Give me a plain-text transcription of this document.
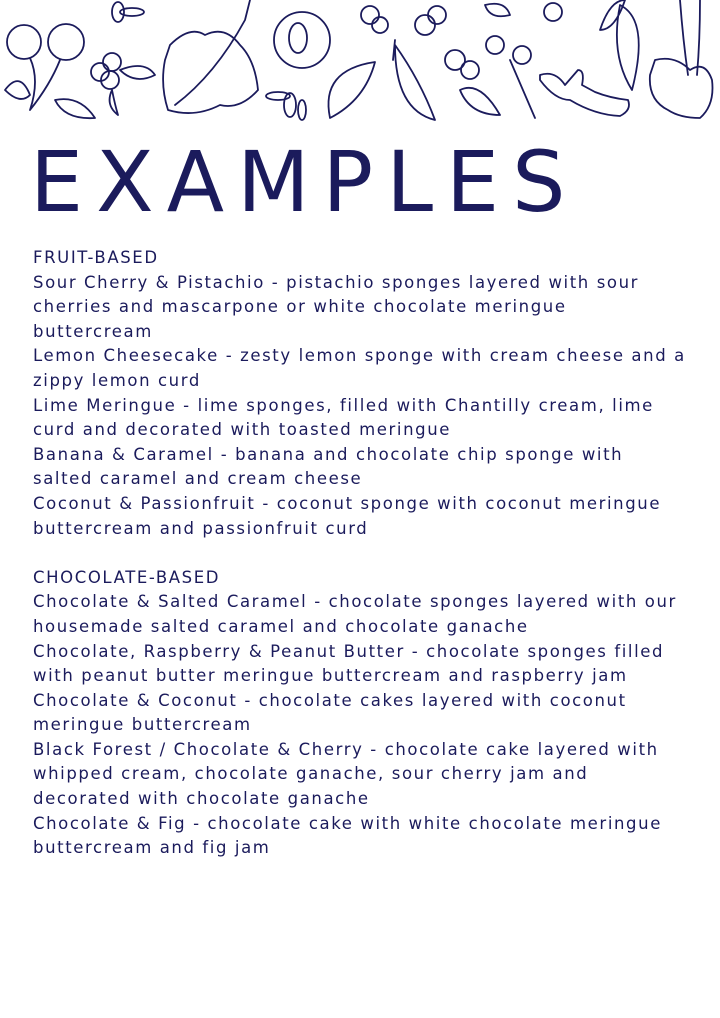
EXAMPLES
FRUIT-BASED
Sour Cherry & Pistachio - pistachio sponges layered with sour
cherries and mascarpone or white chocolate meringue
buttercream
Lemon Cheesecake - zesty lemon sponge with cream cheese and a
zippy lemon curd
Lime Meringue - lime sponges, filled with Chantilly cream, lime
curd and decorated with toasted meringue
Banana & Caramel - banana and chocolate chip sponge with
salted caramel and cream cheese
Coconut & Passionfruit - coconut sponge with coconut meringue
buttercream and passionfruit curd
CHOCOLATE-BASED
Chocolate & Salted Caramel - chocolate sponges layered with our
housemade salted caramel and chocolate ganache
Chocolate, Raspberry & Peanut Butter - chocolate sponges filled
with peanut butter meringue buttercream and raspberry jam
Chocolate & Coconut - chocolate cakes layered with coconut
meringue buttercream
Black Forest / Chocolate & Cherry - chocolate cake layered with
whipped cream, chocolate ganache, sour cherry jam and
decorated with chocolate ganache
Chocolate & Fig - chocolate cake with white chocolate meringue
buttercream and fig jam
